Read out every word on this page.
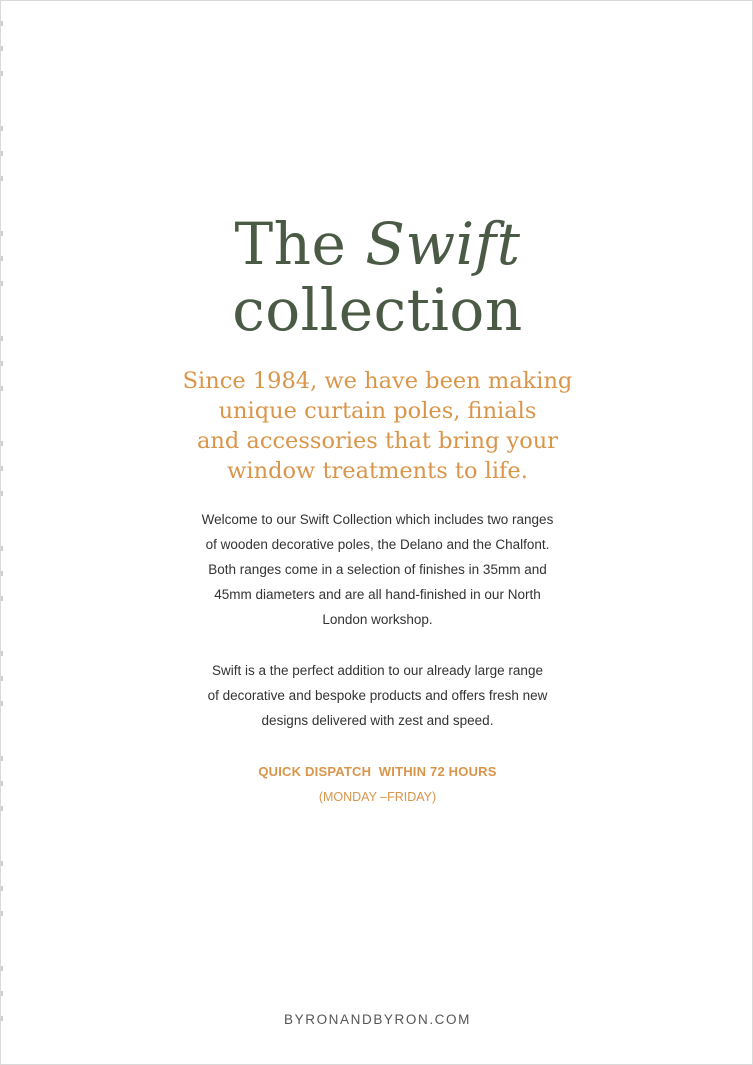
The Swift
collection

Since 1984, we have been making
unique curtain poles, finials
and accessories that bring your
window treatments to life.

Welcome to our Swift Collection which includes two ranges
of wooden decorative poles, the Delano and the Chalfont.
Both ranges come in a selection of finishes in 35mm and
45mm diameters and are all hand-finished in our North
London workshop.

Swift is a the perfect addition to our already large range
of decorative and bespoke products and offers fresh new
designs delivered with zest and speed.

QUICK DISPATCH  WITHIN 72 HOURS

(MONDAY –FRIDAY)

BYRONANDBYRON.COM
